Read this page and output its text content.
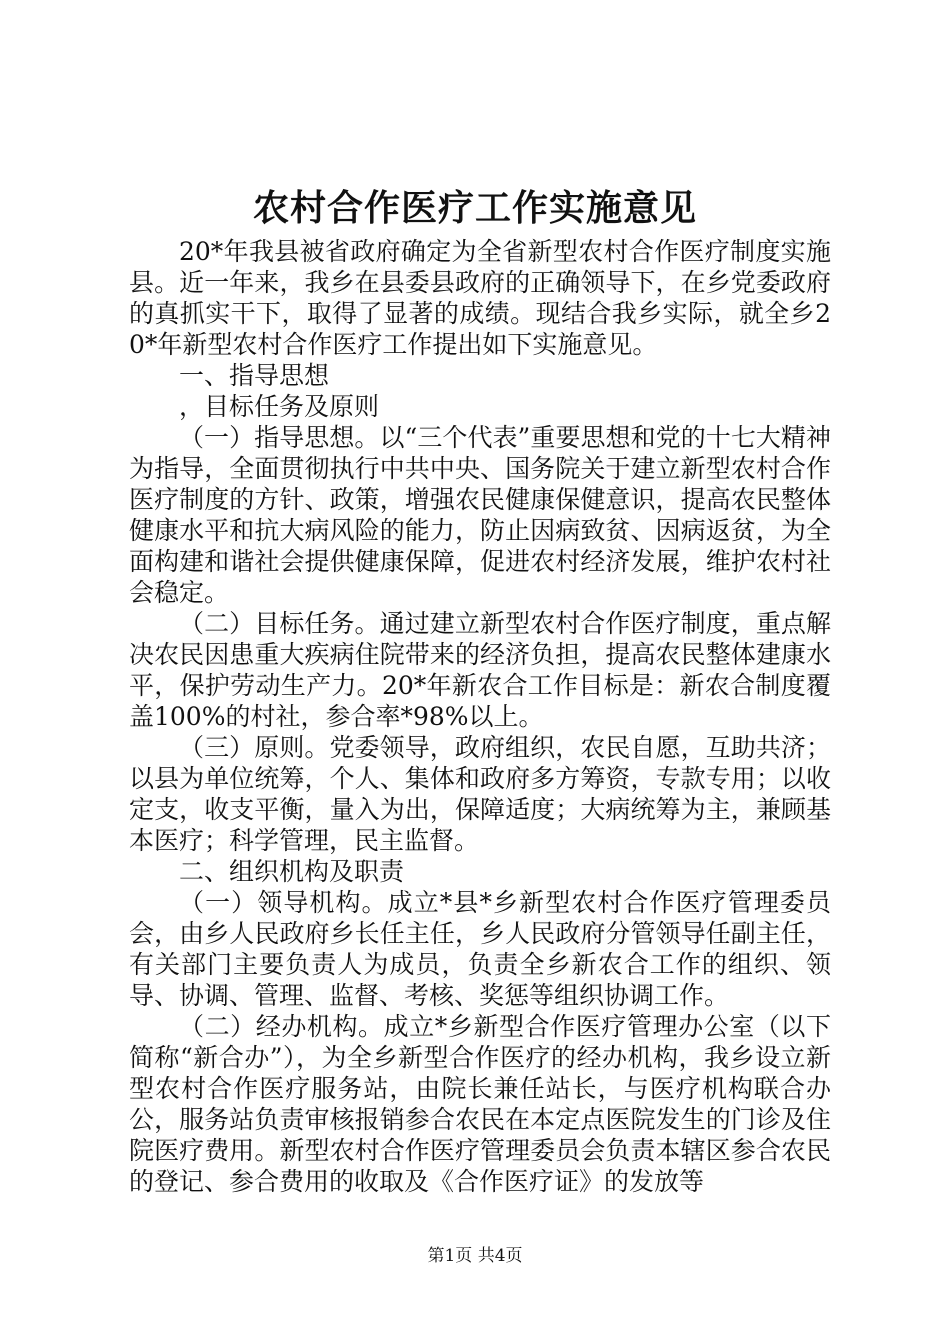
农村合作医疗工作实施意见

20*年我县被省政府确定为全省新型农村合作医疗制度实施县。近一年来，我乡在县委县政府的正确领导下，在乡党委政府的真抓实干下，取得了显著的成绩。现结合我乡实际，就全乡20*年新型农村合作医疗工作提出如下实施意见。

一、指导思想

，目标任务及原则

（一）指导思想。以“三个代表”重要思想和党的十七大精神为指导，全面贯彻执行中共中央、国务院关于建立新型农村合作医疗制度的方针、政策，增强农民健康保健意识，提高农民整体健康水平和抗大病风险的能力，防止因病致贫、因病返贫，为全面构建和谐社会提供健康保障，促进农村经济发展，维护农村社会稳定。

（二）目标任务。通过建立新型农村合作医疗制度，重点解决农民因患重大疾病住院带来的经济负担，提高农民整体建康水平，保护劳动生产力。20*年新农合工作目标是：新农合制度覆盖100%的村社，参合率*98%以上。

（三）原则。党委领导，政府组织，农民自愿，互助共济；以县为单位统筹，个人、集体和政府多方筹资，专款专用；以收定支，收支平衡，量入为出，保障适度；大病统筹为主，兼顾基本医疗；科学管理，民主监督。

二、组织机构及职责

（一）领导机构。成立*县*乡新型农村合作医疗管理委员会，由乡人民政府乡长任主任，乡人民政府分管领导任副主任，有关部门主要负责人为成员，负责全乡新农合工作的组织、领导、协调、管理、监督、考核、奖惩等组织协调工作。

（二）经办机构。成立*乡新型合作医疗管理办公室（以下简称“新合办”），为全乡新型合作医疗的经办机构，我乡设立新型农村合作医疗服务站，由院长兼任站长，与医疗机构联合办公，服务站负责审核报销参合农民在本定点医院发生的门诊及住院医疗费用。新型农村合作医疗管理委员会负责本辖区参合农民的登记、参合费用的收取及《合作医疗证》的发放等

第1页 共4页
